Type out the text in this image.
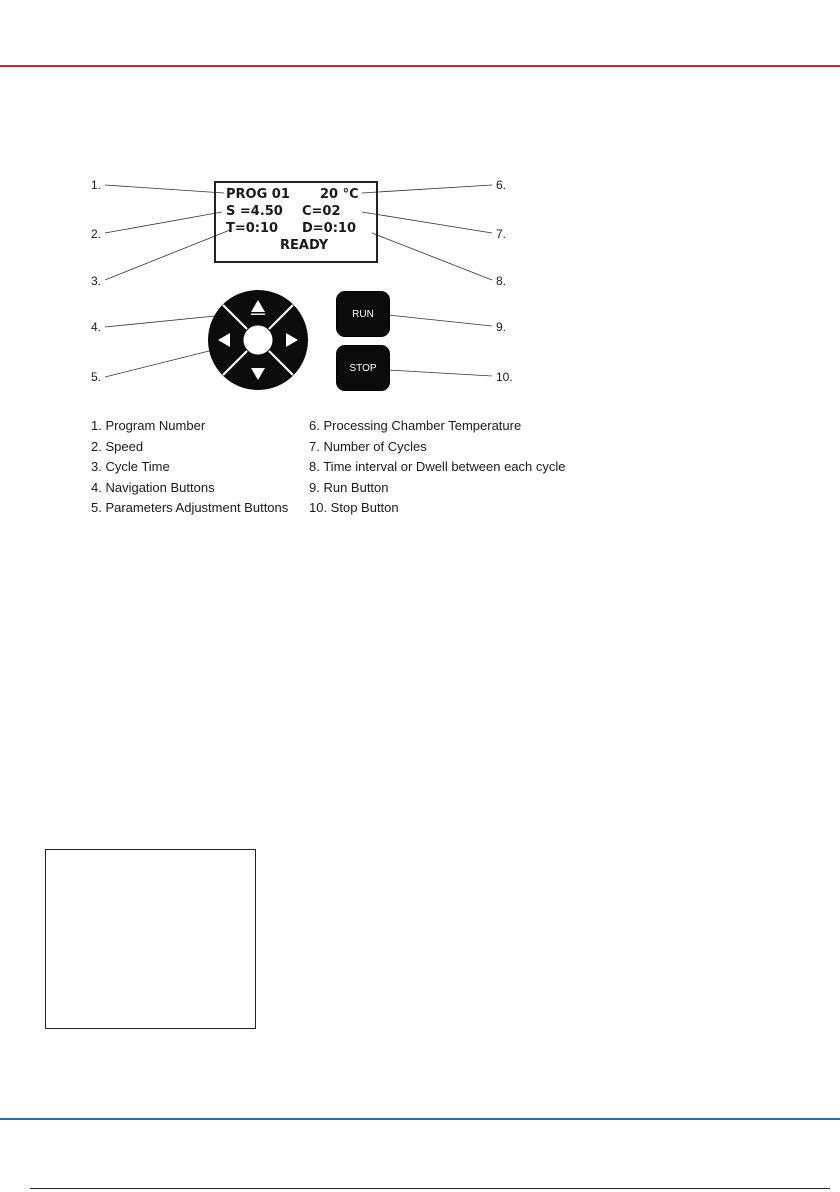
1.
2.
3.
4.
5.
6.
7.
8.
9.
10.
PROG 01 20 °C
S =4.50 C=02
T=0:10 D=0:10
READY
RUN
STOP
1. Program Number
2. Speed
3. Cycle Time
4. Navigation Buttons
5. Parameters Adjustment Buttons
6. Processing Chamber Temperature
7. Number of Cycles
8. Time interval or Dwell between each cycle
9. Run Button
10. Stop Button
